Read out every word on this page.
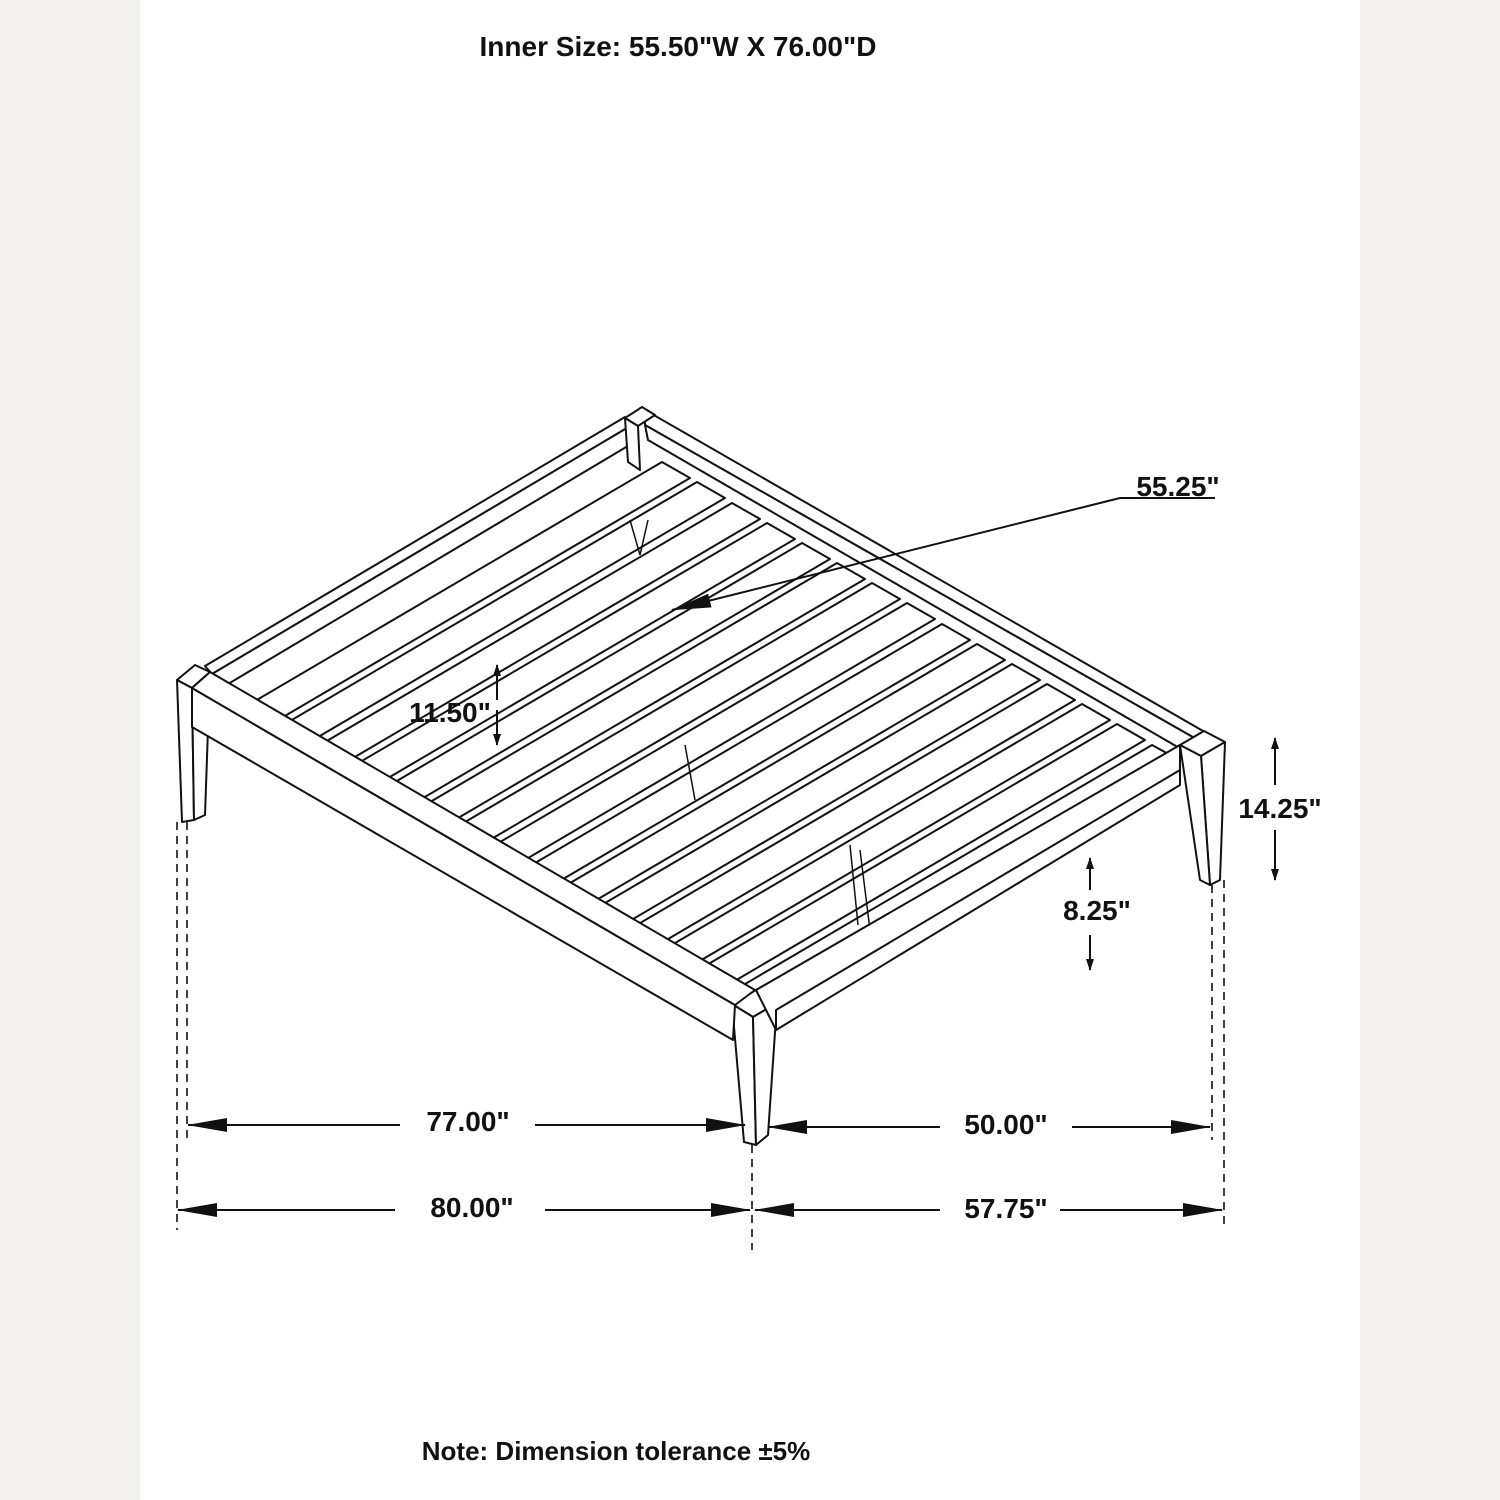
Inner Size: 55.50"W X 76.00"D
55.25"
11.50"
14.25"
8.25"
77.00"	50.00"
80.00"	57.75"
Note: Dimension tolerance ±5%
